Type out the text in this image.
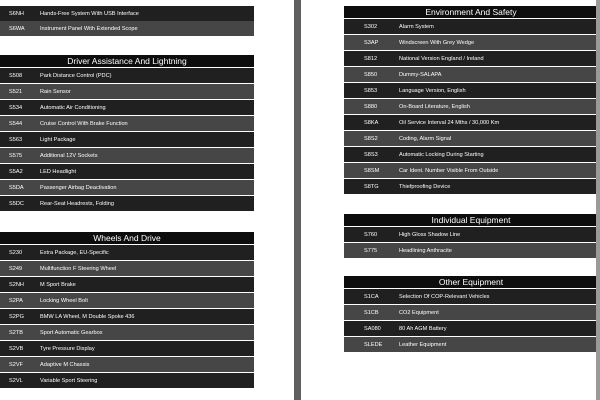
S6NH	Hands-Free System With USB Interface
S6WA	Instrument Panel With Extended Scope
Driver Assistance And Lightning
S508	Park Distance Control (PDC)
S521	Rain Sensor
S534	Automatic Air Conditioning
S544	Cruise Control With Brake Function
S563	Light Package
S575	Additional 12V Sockets
S5A2	LED Headlight
S5DA	Passenger Airbag Deactivation
S5DC	Rear-Seat Headrests, Folding
Wheels And Drive
S230	Extra Package, EU-Specific
S249	Multifunction F Steering Wheel
S2NH	M Sport Brake
S2PA	Locking Wheel Bolt
S2PG	BMW LA Wheel, M Double Spoke 436
S2TB	Sport Automatic Gearbox
S2VB	Tyre Pressure Display
S2VF	Adaptive M Chassis
S2VL	Variable Sport Steering
Environment And Safety
S302	Alarm System
S3AP	Windscreen With Grey Wedge
S812	National Version England / Ireland
S850	Dummy-SALAPA
S853	Language Version, English
S880	On-Board Literature, English
S8KA	Oil Service Interval 24 Mths / 30,000 Km
S8S2	Coding, Alarm Signal
S8S3	Automatic Locking During Starting
S8SM	Car Ident. Number Visible From Outside
S8TG	Thiefproofing Device
Individual Equipment
S760	High Gloss Shadow Line
S775	Headlining Anthracite
Other Equipment
S1CA	Selection Of COP-Relevant Vehicles
S1CB	CO2 Equipment
SA080	80 Ah AGM Battery
SLEDE	Leather Equipment
